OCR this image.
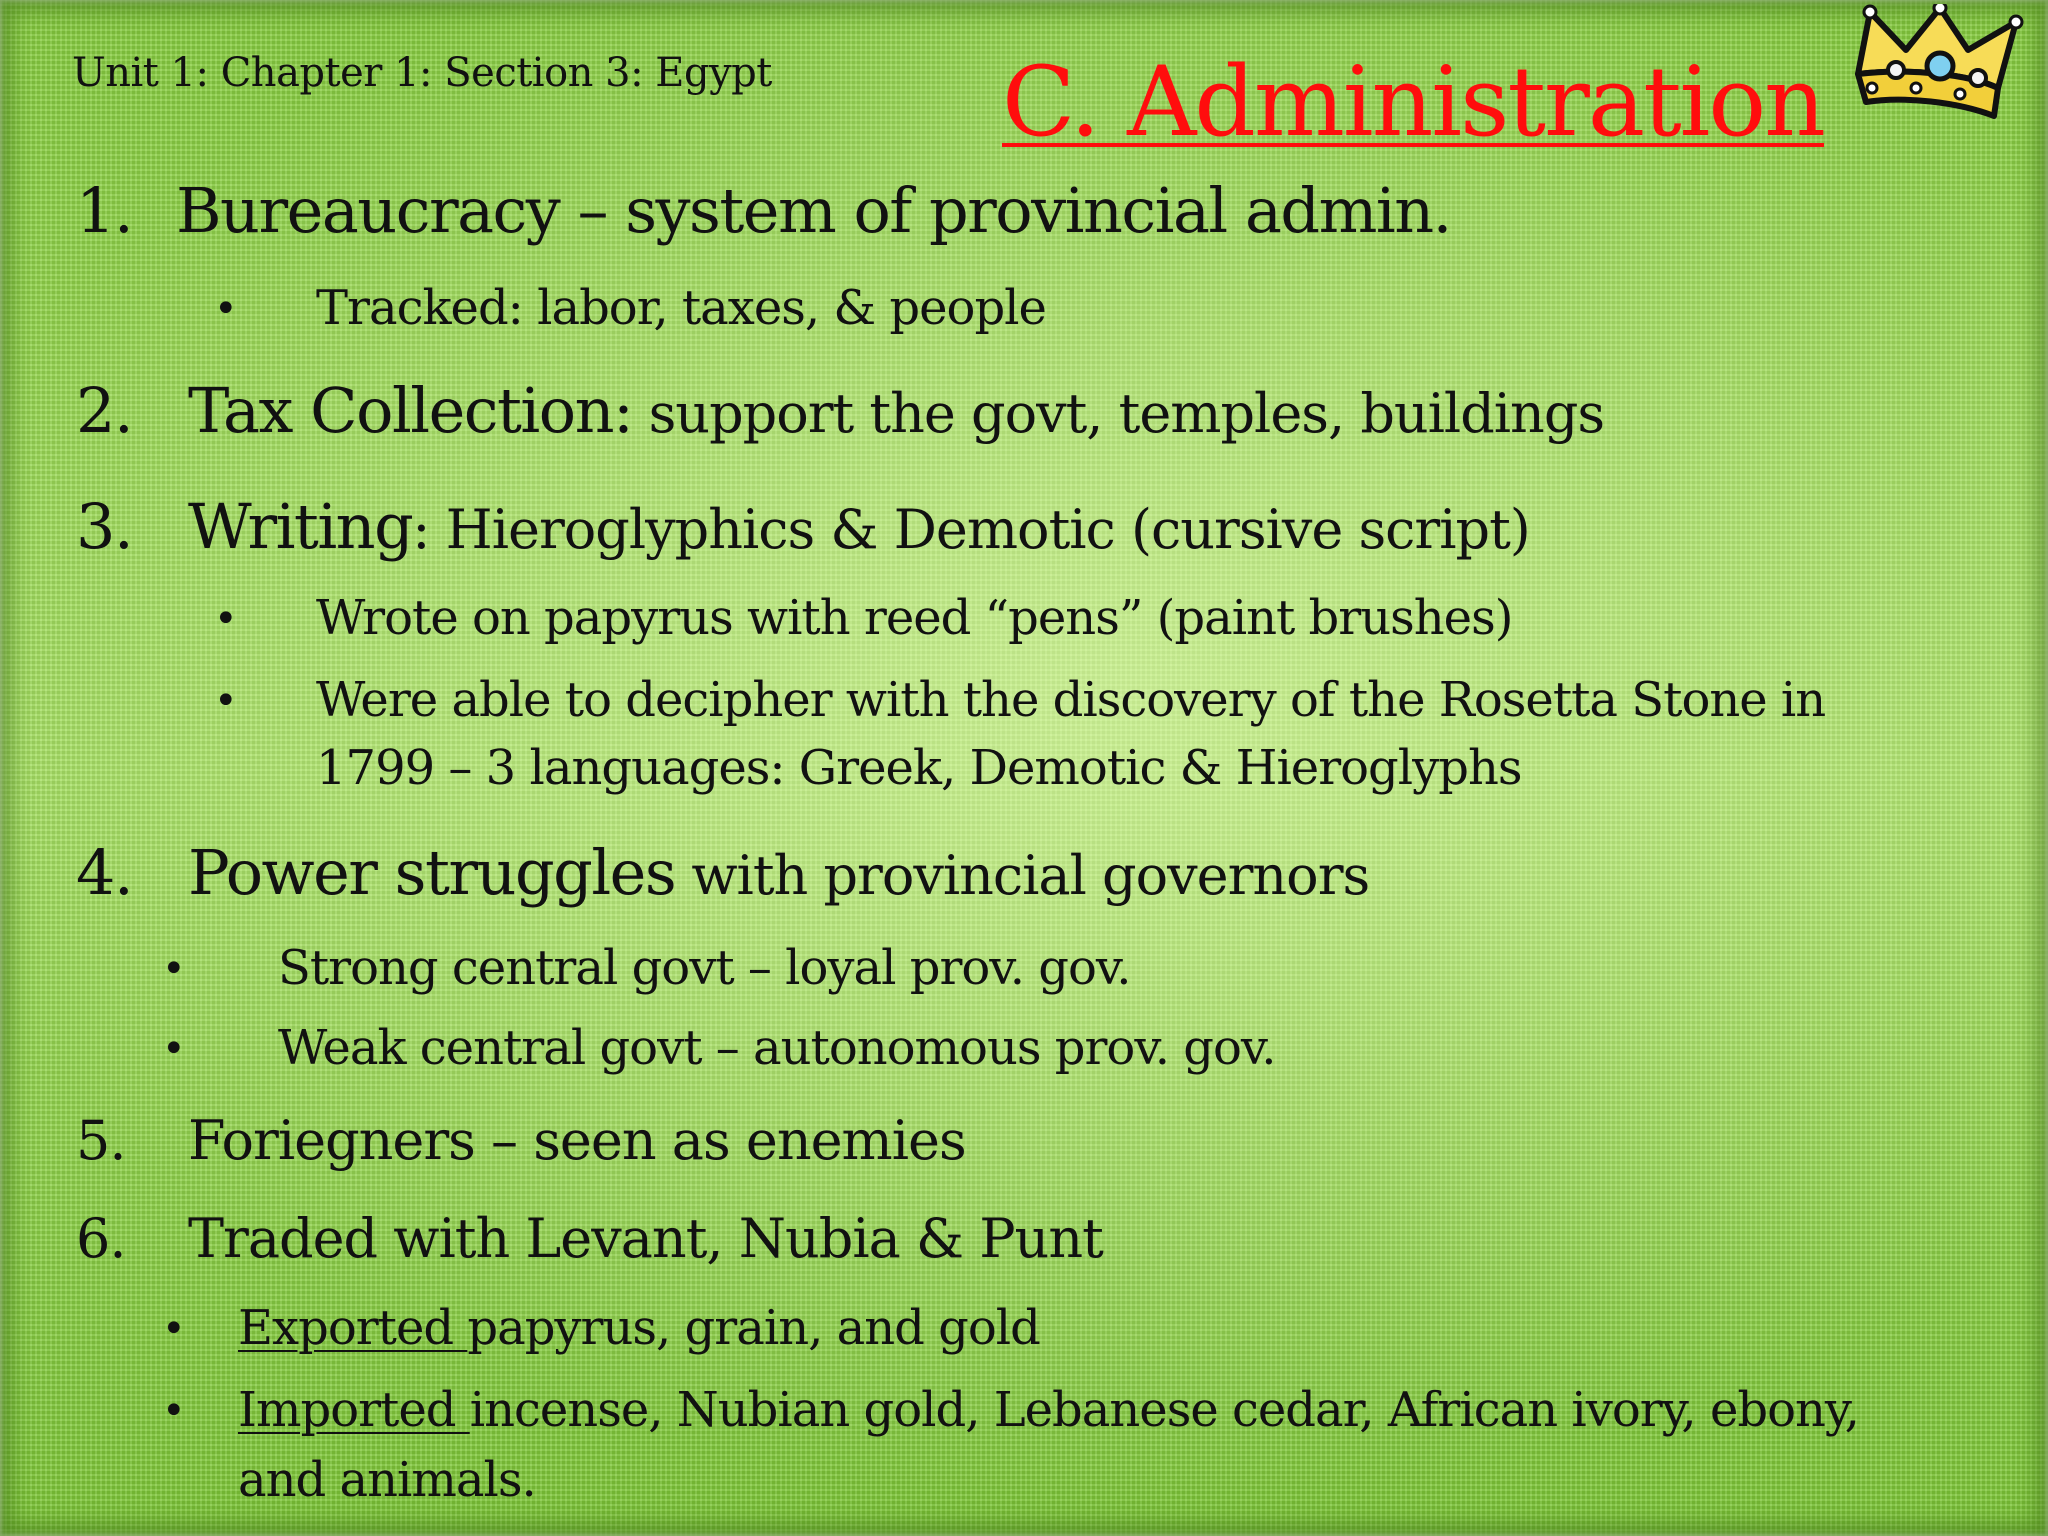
Unit 1: Chapter 1: Section 3: Egypt C. Administration
1. Bureaucracy – system of provincial admin.
• Tracked: labor, taxes, & people
2. Tax Collection: support the govt, temples, buildings
3. Writing: Hieroglyphics & Demotic (cursive script)
• Wrote on papyrus with reed “pens” (paint brushes)
• Were able to decipher with the discovery of the Rosetta Stone in
1799 – 3 languages: Greek, Demotic & Hieroglyphs
4. Power struggles with provincial governors
• Strong central govt – loyal prov. gov.
• Weak central govt – autonomous prov. gov.
5. Foriegners – seen as enemies
6. Traded with Levant, Nubia & Punt
• Exported papyrus, grain, and gold
• Imported incense, Nubian gold, Lebanese cedar, African ivory, ebony,
and animals.
